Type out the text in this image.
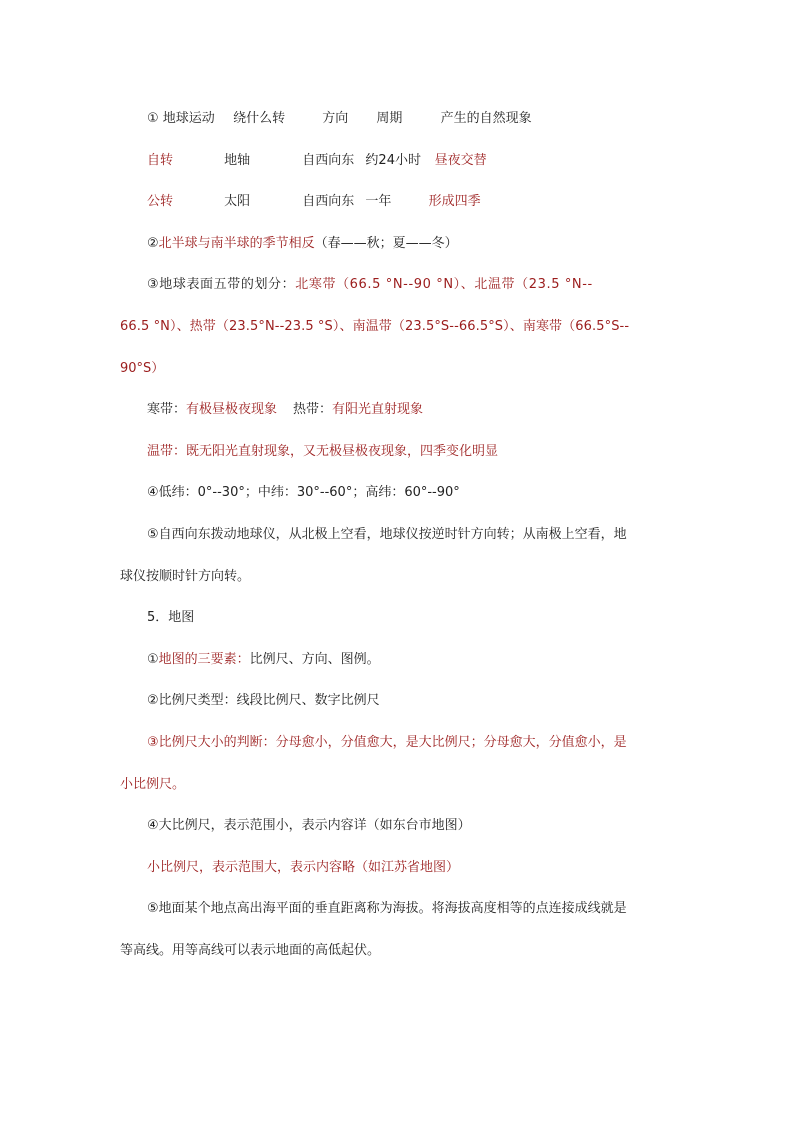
① 地球运动 绕什么转	方向 周期	产生的自然现象
自转	地轴	自西向东 约24小时 昼夜交替
公转	太阳	自西向东 一年	形成四季
②北半球与南半球的季节相反（春——秋；夏——冬）
③地球表面五带的划分：北寒带（66.5 °N--90 °N）、北温带（23.5 °N--
66.5 °N）、热带（23.5°N--23.5 °S）、南温带（23.5°S--66.5°S）、南寒带（66.5°S--
90°S）
寒带：有极昼极夜现象 热带：有阳光直射现象
温带：既无阳光直射现象，又无极昼极夜现象，四季变化明显
④低纬：0°--30°；中纬：30°--60°；高纬：60°--90°
⑤自西向东拨动地球仪，从北极上空看，地球仪按逆时针方向转；从南极上空看，地
球仪按顺时针方向转。
5．地图
①地图的三要素：比例尺、方向、图例。
②比例尺类型：线段比例尺、数字比例尺
③比例尺大小的判断：分母愈小，分值愈大，是大比例尺；分母愈大，分值愈小，是
小比例尺。
④大比例尺，表示范围小，表示内容详（如东台市地图）
小比例尺，表示范围大，表示内容略（如江苏省地图）
⑤地面某个地点高出海平面的垂直距离称为海拔。将海拔高度相等的点连接成线就是
等高线。用等高线可以表示地面的高低起伏。
